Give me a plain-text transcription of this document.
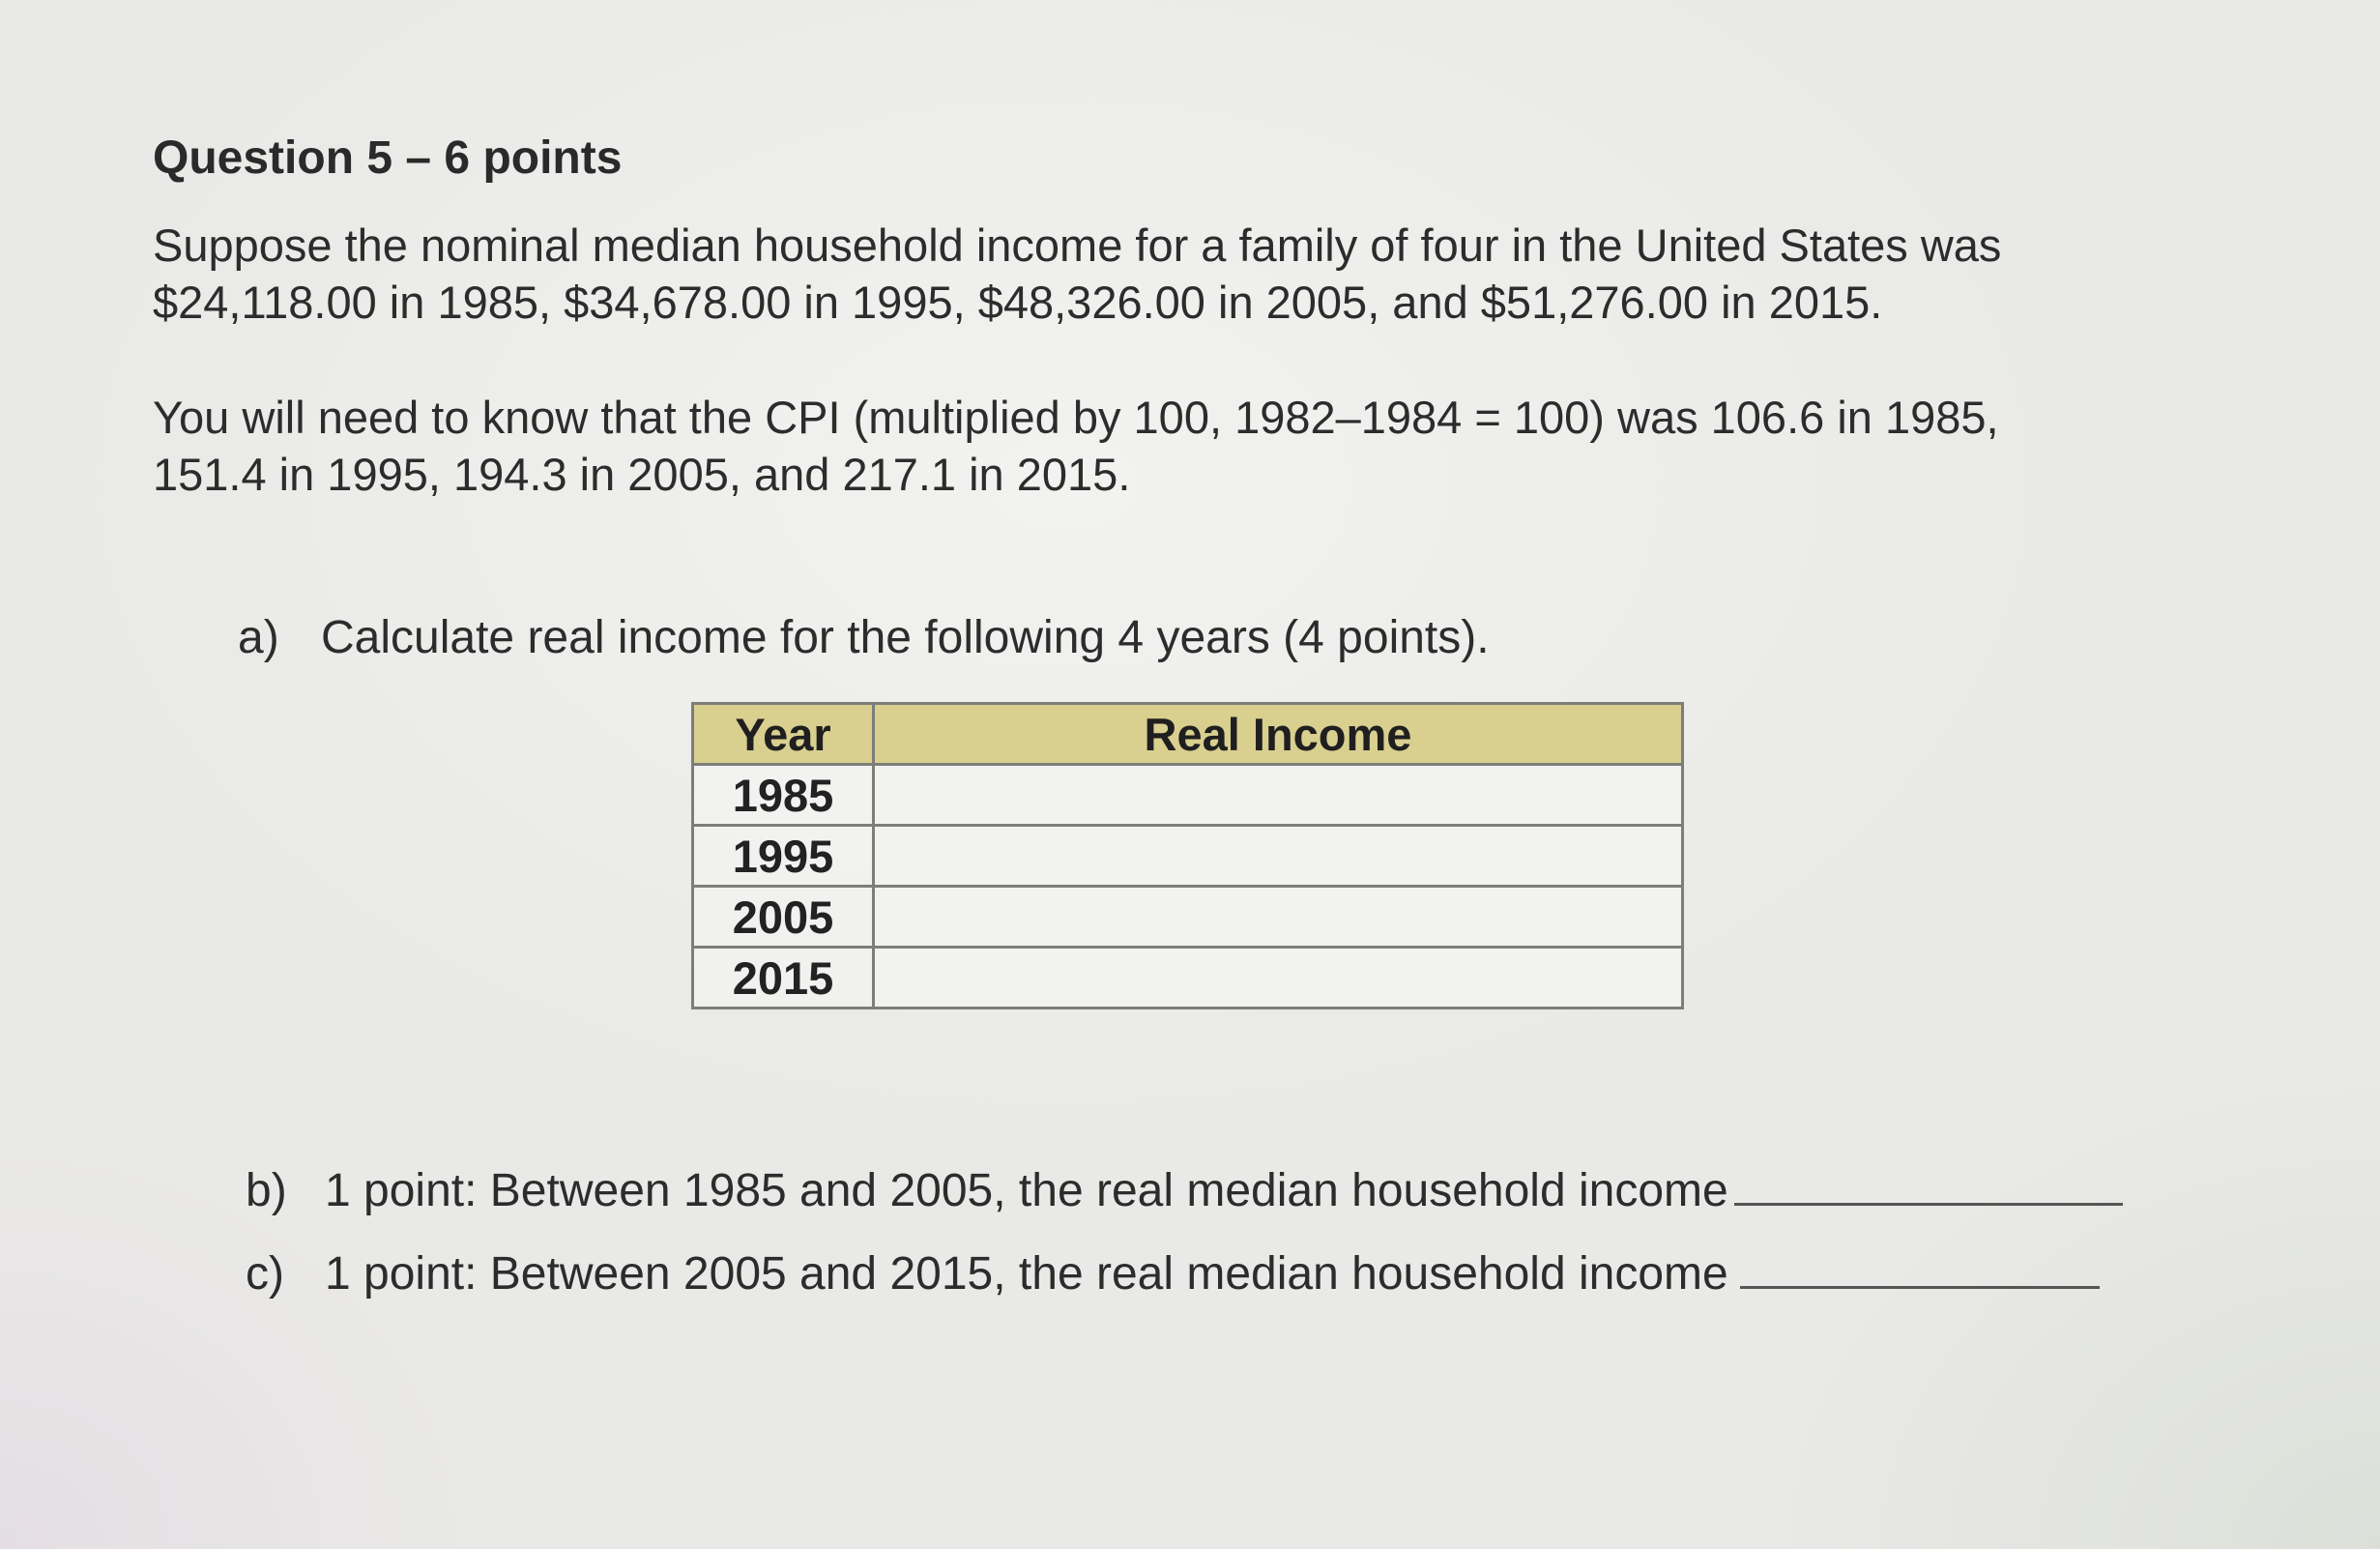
Question 5 – 6 points

Suppose the nominal median household income for a family of four in the United States was
$24,118.00 in 1985, $34,678.00 in 1995, $48,326.00 in 2005, and $51,276.00 in 2015.

You will need to know that the CPI (multiplied by 100, 1982–1984 = 100) was 106.6 in 1985,
151.4 in 1995, 194.3 in 2005, and 217.1 in 2015.

a) Calculate real income for the following 4 years (4 points).
Year	Real Income
1985	
1995	
2005	
2015	
b) 1 point: Between 1985 and 2005, the real median household income
c) 1 point: Between 2005 and 2015, the real median household income
